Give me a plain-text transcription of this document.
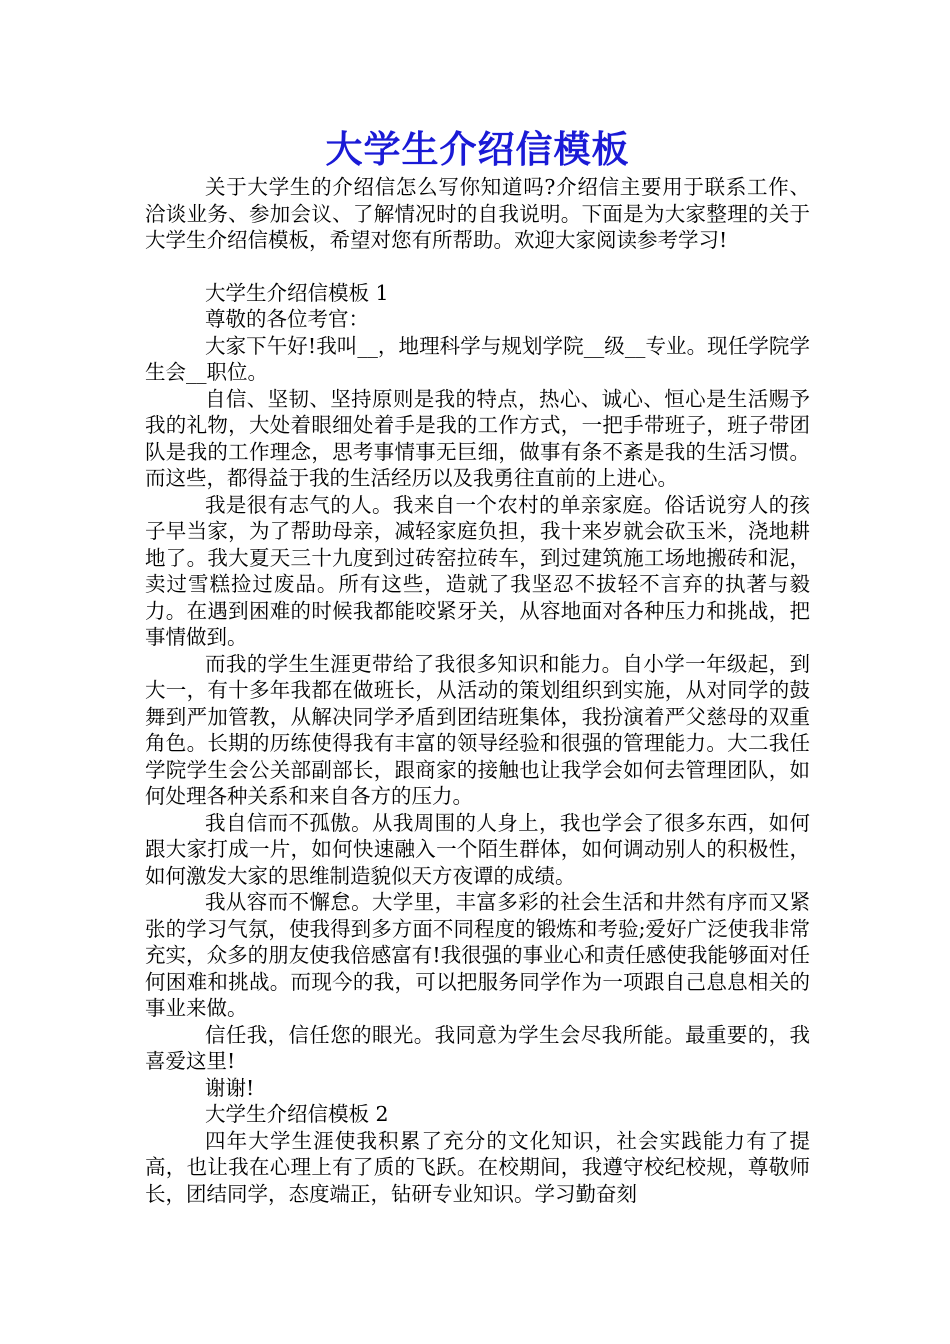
大学生介绍信模板

关于大学生的介绍信怎么写你知道吗?介绍信主要用于联系工作、洽谈业务、参加会议、了解情况时的自我说明。下面是为大家整理的关于大学生介绍信模板，希望对您有所帮助。欢迎大家阅读参考学习!

大学生介绍信模板 1

尊敬的各位考官：

大家下午好!我叫__，地理科学与规划学院__级__专业。现任学院学生会__职位。

自信、坚韧、坚持原则是我的特点，热心、诚心、恒心是生活赐予我的礼物，大处着眼细处着手是我的工作方式，一把手带班子，班子带团队是我的工作理念，思考事情事无巨细，做事有条不紊是我的生活习惯。而这些，都得益于我的生活经历以及我勇往直前的上进心。

我是很有志气的人。我来自一个农村的单亲家庭。俗话说穷人的孩子早当家，为了帮助母亲，减轻家庭负担，我十来岁就会砍玉米，浇地耕地了。我大夏天三十九度到过砖窑拉砖车，到过建筑施工场地搬砖和泥，卖过雪糕捡过废品。所有这些，造就了我坚忍不拔轻不言弃的执著与毅力。在遇到困难的时候我都能咬紧牙关，从容地面对各种压力和挑战，把事情做到。

而我的学生生涯更带给了我很多知识和能力。自小学一年级起，到大一，有十多年我都在做班长，从活动的策划组织到实施，从对同学的鼓舞到严加管教，从解决同学矛盾到团结班集体，我扮演着严父慈母的双重角色。长期的历练使得我有丰富的领导经验和很强的管理能力。大二我任学院学生会公关部副部长，跟商家的接触也让我学会如何去管理团队，如何处理各种关系和来自各方的压力。

我自信而不孤傲。从我周围的人身上，我也学会了很多东西，如何跟大家打成一片，如何快速融入一个陌生群体，如何调动别人的积极性，如何激发大家的思维制造貌似天方夜谭的成绩。

我从容而不懈怠。大学里，丰富多彩的社会生活和井然有序而又紧张的学习气氛，使我得到多方面不同程度的锻炼和考验;爱好广泛使我非常充实，众多的朋友使我倍感富有!我很强的事业心和责任感使我能够面对任何困难和挑战。而现今的我，可以把服务同学作为一项跟自己息息相关的事业来做。

信任我，信任您的眼光。我同意为学生会尽我所能。最重要的，我喜爱这里!

谢谢!

大学生介绍信模板 2

四年大学生涯使我积累了充分的文化知识，社会实践能力有了提高，也让我在心理上有了质的飞跃。在校期间，我遵守校纪校规，尊敬师长，团结同学，态度端正，钻研专业知识。学习勤奋刻
